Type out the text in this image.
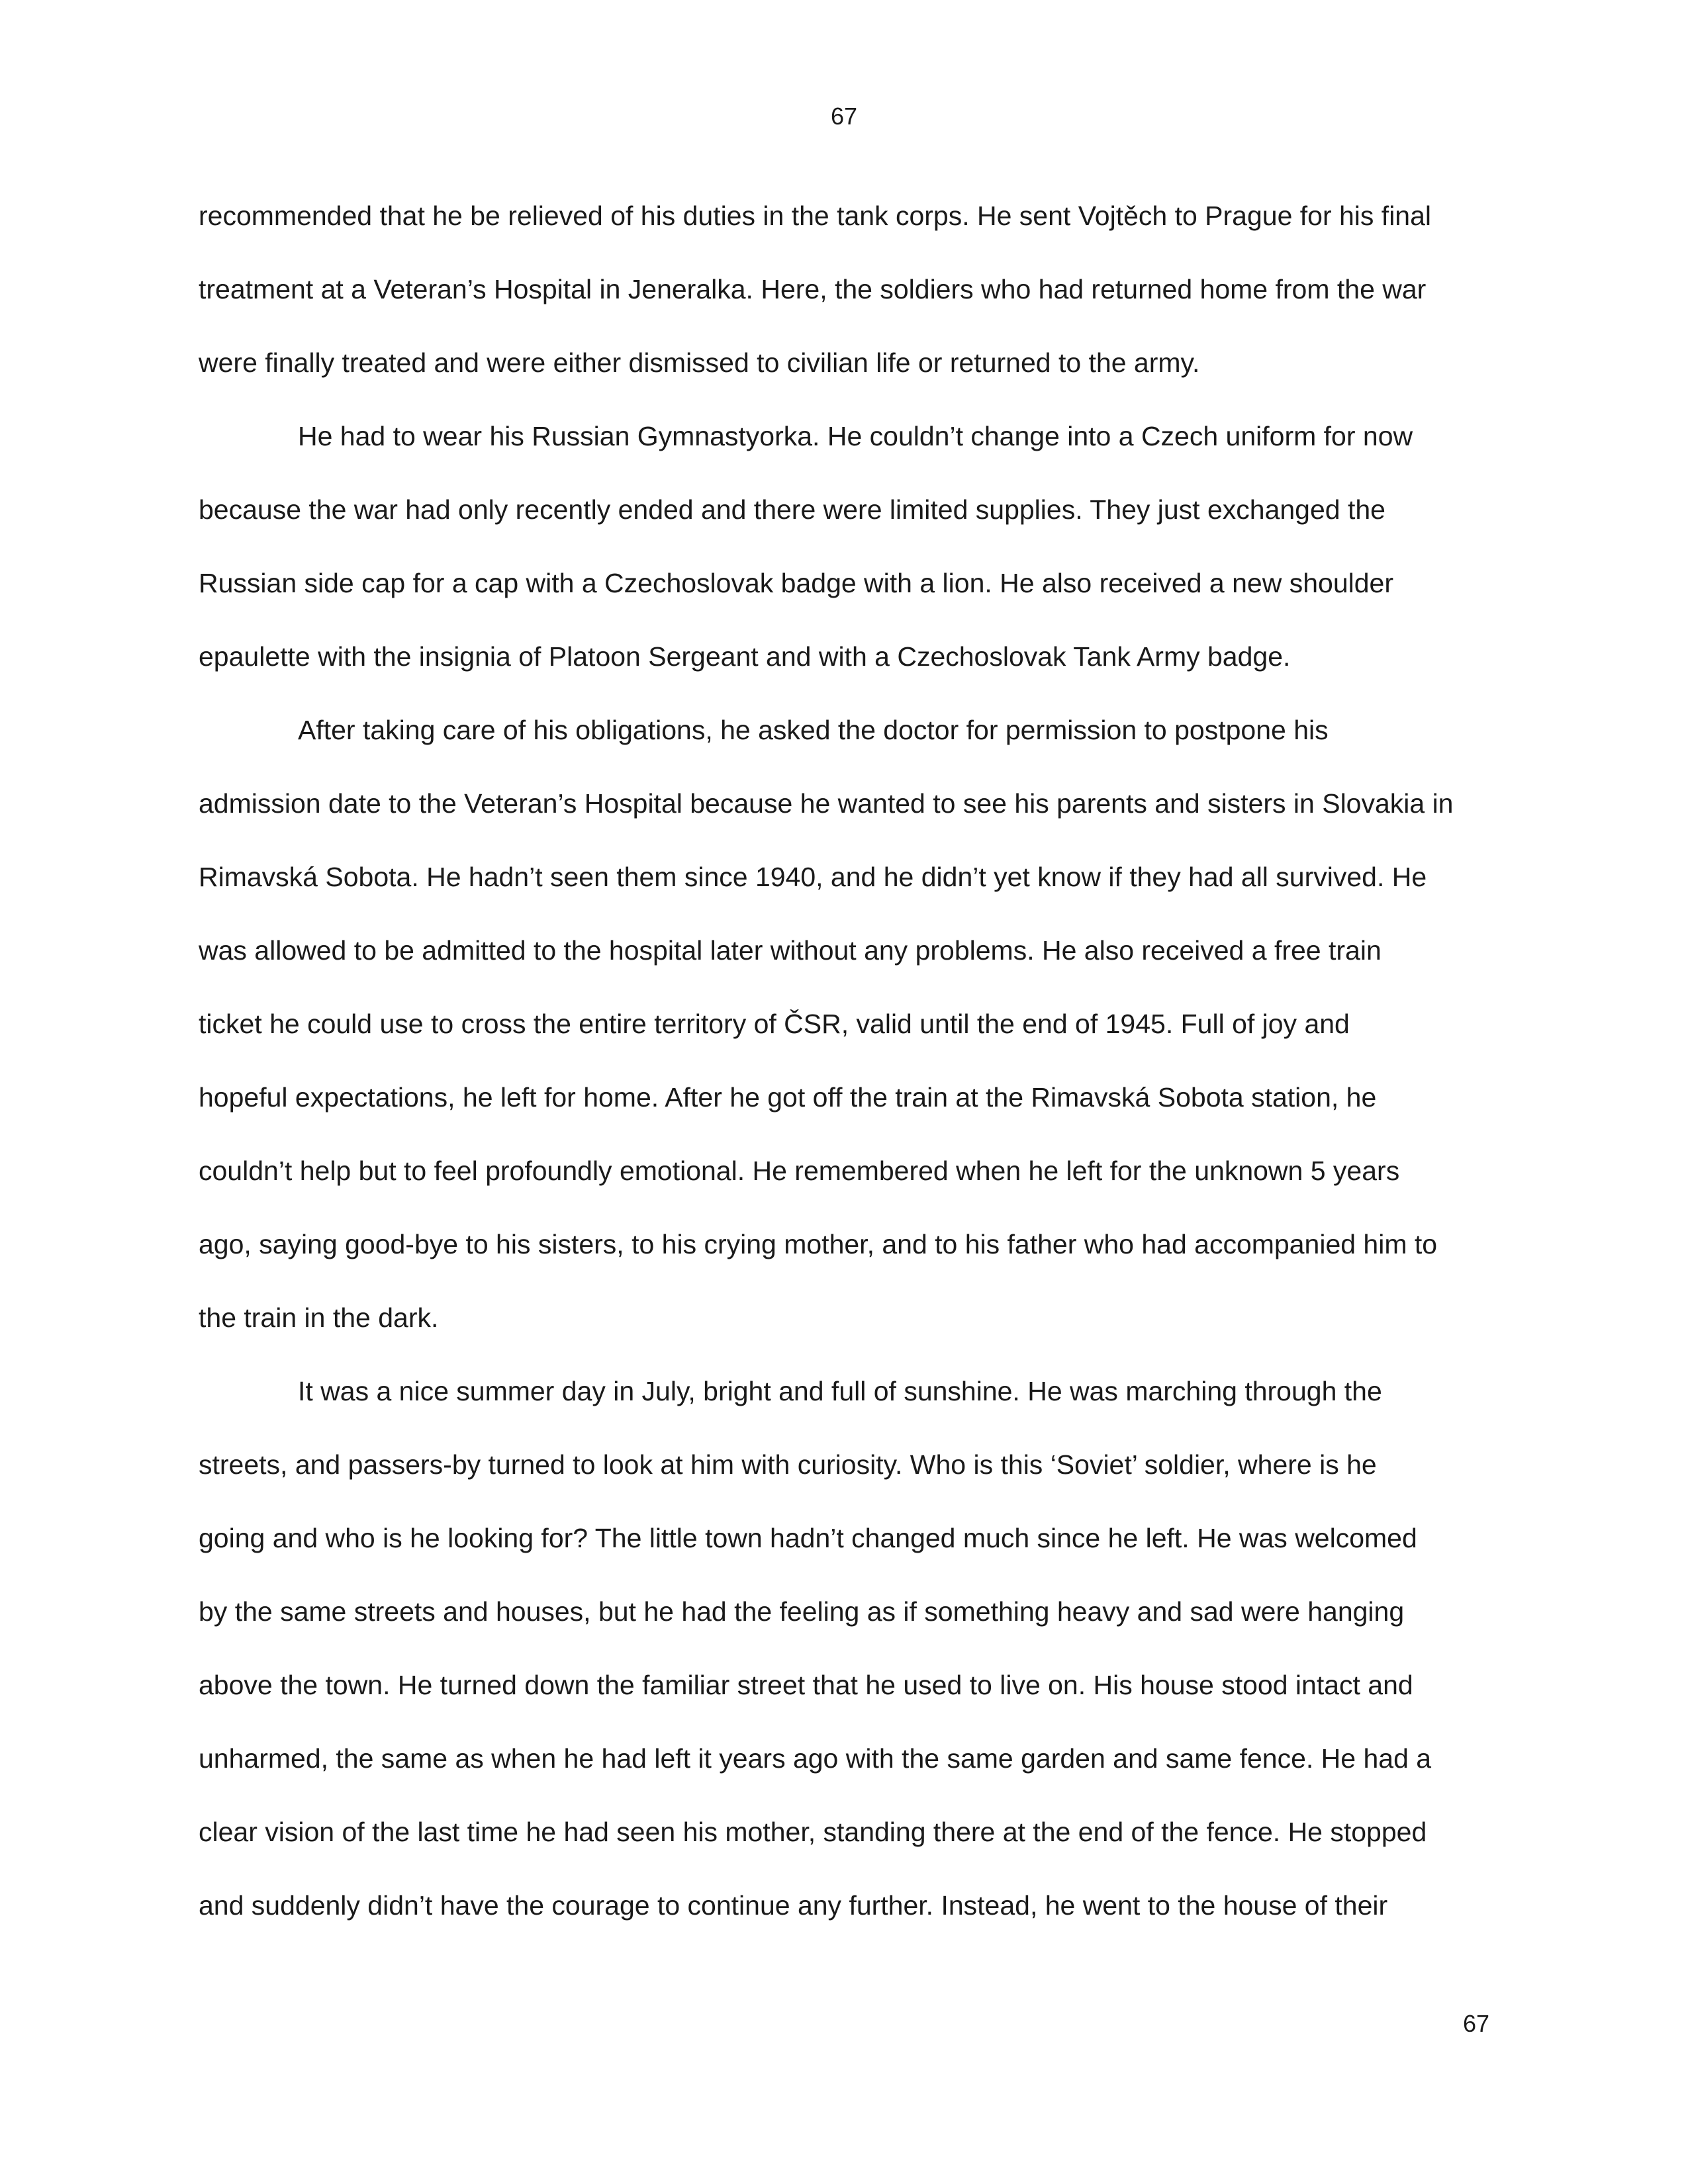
67
recommended that he be relieved of his duties in the tank corps. He sent Vojtěch to Prague for his final
treatment at a Veteran’s Hospital in Jeneralka. Here, the soldiers who had returned home from the war
were finally treated and were either dismissed to civilian life or returned to the army.
He had to wear his Russian Gymnastyorka. He couldn’t change into a Czech uniform for now
because the war had only recently ended and there were limited supplies. They just exchanged the
Russian side cap for a cap with a Czechoslovak badge with a lion. He also received a new shoulder
epaulette with the insignia of Platoon Sergeant and with a Czechoslovak Tank Army badge.
After taking care of his obligations, he asked the doctor for permission to postpone his
admission date to the Veteran’s Hospital because he wanted to see his parents and sisters in Slovakia in
Rimavská Sobota. He hadn’t seen them since 1940, and he didn’t yet know if they had all survived. He
was allowed to be admitted to the hospital later without any problems. He also received a free train
ticket he could use to cross the entire territory of ČSR, valid until the end of 1945. Full of joy and
hopeful expectations, he left for home. After he got off the train at the Rimavská Sobota station, he
couldn’t help but to feel profoundly emotional. He remembered when he left for the unknown 5 years
ago, saying good-bye to his sisters, to his crying mother, and to his father who had accompanied him to
the train in the dark.
It was a nice summer day in July, bright and full of sunshine. He was marching through the
streets, and passers-by turned to look at him with curiosity. Who is this ‘Soviet’ soldier, where is he
going and who is he looking for? The little town hadn’t changed much since he left. He was welcomed
by the same streets and houses, but he had the feeling as if something heavy and sad were hanging
above the town. He turned down the familiar street that he used to live on. His house stood intact and
unharmed, the same as when he had left it years ago with the same garden and same fence. He had a
clear vision of the last time he had seen his mother, standing there at the end of the fence. He stopped
and suddenly didn’t have the courage to continue any further. Instead, he went to the house of their
67
